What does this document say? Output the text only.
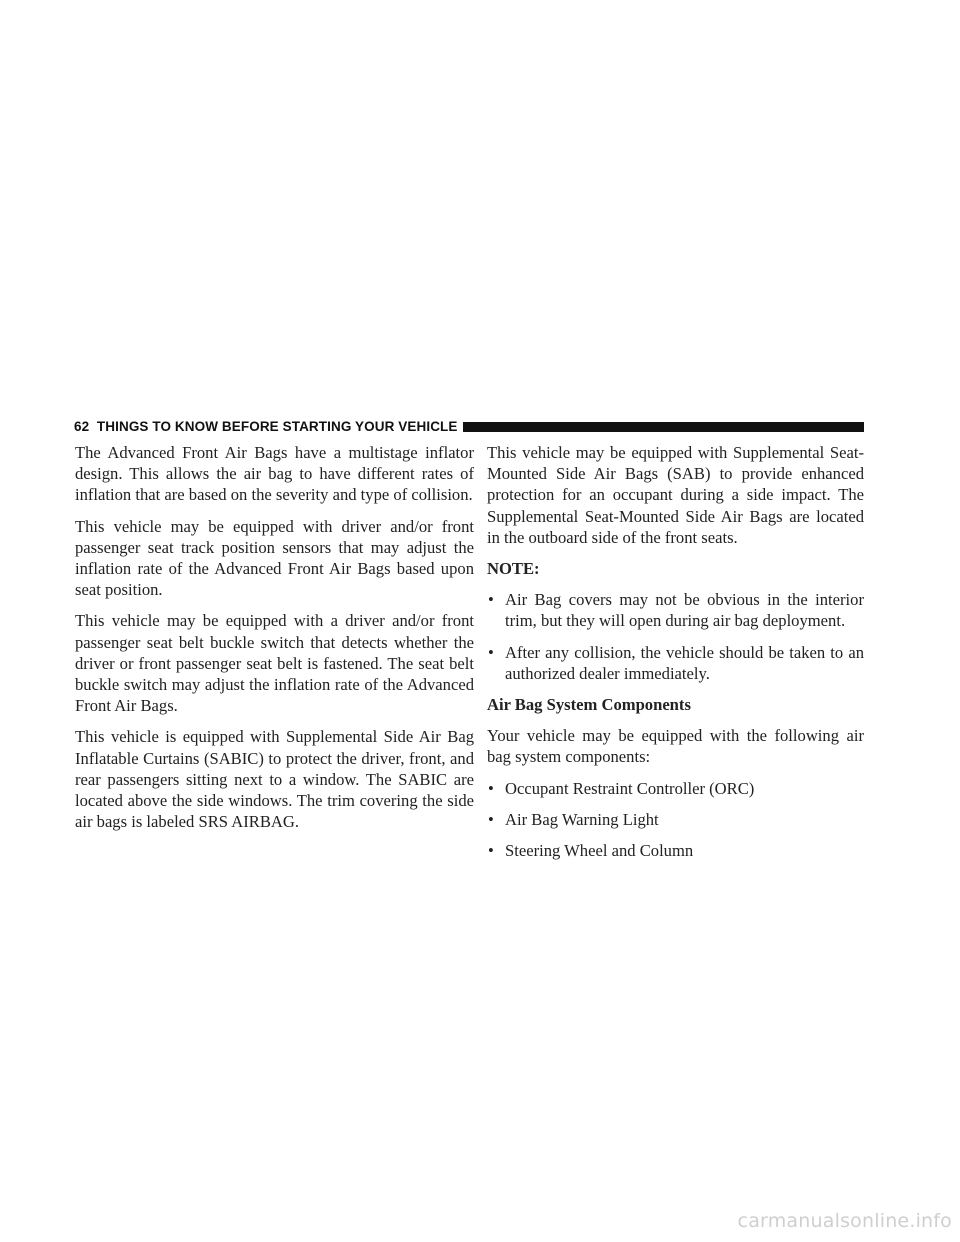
62 THINGS TO KNOW BEFORE STARTING YOUR VEHICLE

The Advanced Front Air Bags have a multistage inflator design. This allows the air bag to have different rates of inflation that are based on the severity and type of collision.

This vehicle may be equipped with driver and/or front passenger seat track position sensors that may adjust the inflation rate of the Advanced Front Air Bags based upon seat position.

This vehicle may be equipped with a driver and/or front passenger seat belt buckle switch that detects whether the driver or front passenger seat belt is fastened. The seat belt buckle switch may adjust the inflation rate of the Advanced Front Air Bags.

This vehicle is equipped with Supplemental Side Air Bag Inflatable Curtains (SABIC) to protect the driver, front, and rear passengers sitting next to a window. The SABIC are located above the side windows. The trim covering the side air bags is labeled SRS AIRBAG.

This vehicle may be equipped with Supplemental Seat-Mounted Side Air Bags (SAB) to provide enhanced protection for an occupant during a side impact. The Supplemental Seat-Mounted Side Air Bags are located in the outboard side of the front seats.

NOTE:
• Air Bag covers may not be obvious in the interior trim, but they will open during air bag deployment.
• After any collision, the vehicle should be taken to an authorized dealer immediately.
Air Bag System Components

Your vehicle may be equipped with the following air bag system components:

• Occupant Restraint Controller (ORC)
• Air Bag Warning Light
• Steering Wheel and Column
carmanualsonline.info
